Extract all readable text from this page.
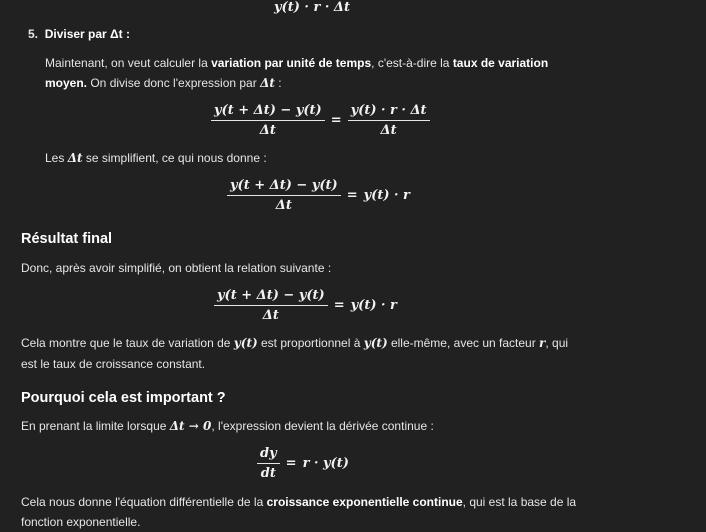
y(t) · r · Δt
5. Diviser par Δt :
Maintenant, on veut calculer la variation par unité de temps, c'est-à-dire la taux de variation
moyen. On divise donc l'expression par Δt :
$\frac{y(t + \Delta t) - y(t)}{\Delta t} = \frac{y(t) \cdot r \cdot \Delta t}{\Delta t}$
Les Δt se simplifient, ce qui nous donne :
$\frac{y(t + \Delta t) - y(t)}{\Delta t} = y(t) \cdot r$
Résultat final
Donc, après avoir simplifié, on obtient la relation suivante :
$\frac{y(t + \Delta t) - y(t)}{\Delta t} = y(t) \cdot r$
Cela montre que le taux de variation de y(t) est proportionnel à y(t) elle-même, avec un facteur r, qui
est le taux de croissance constant.
Pourquoi cela est important ?
En prenant la limite lorsque Δt → 0, l'expression devient la dérivée continue :
$\frac{dy}{dt} = r \cdot y(t)$
Cela nous donne l'équation différentielle de la croissance exponentielle continue, qui est la base de la
fonction exponentielle.
